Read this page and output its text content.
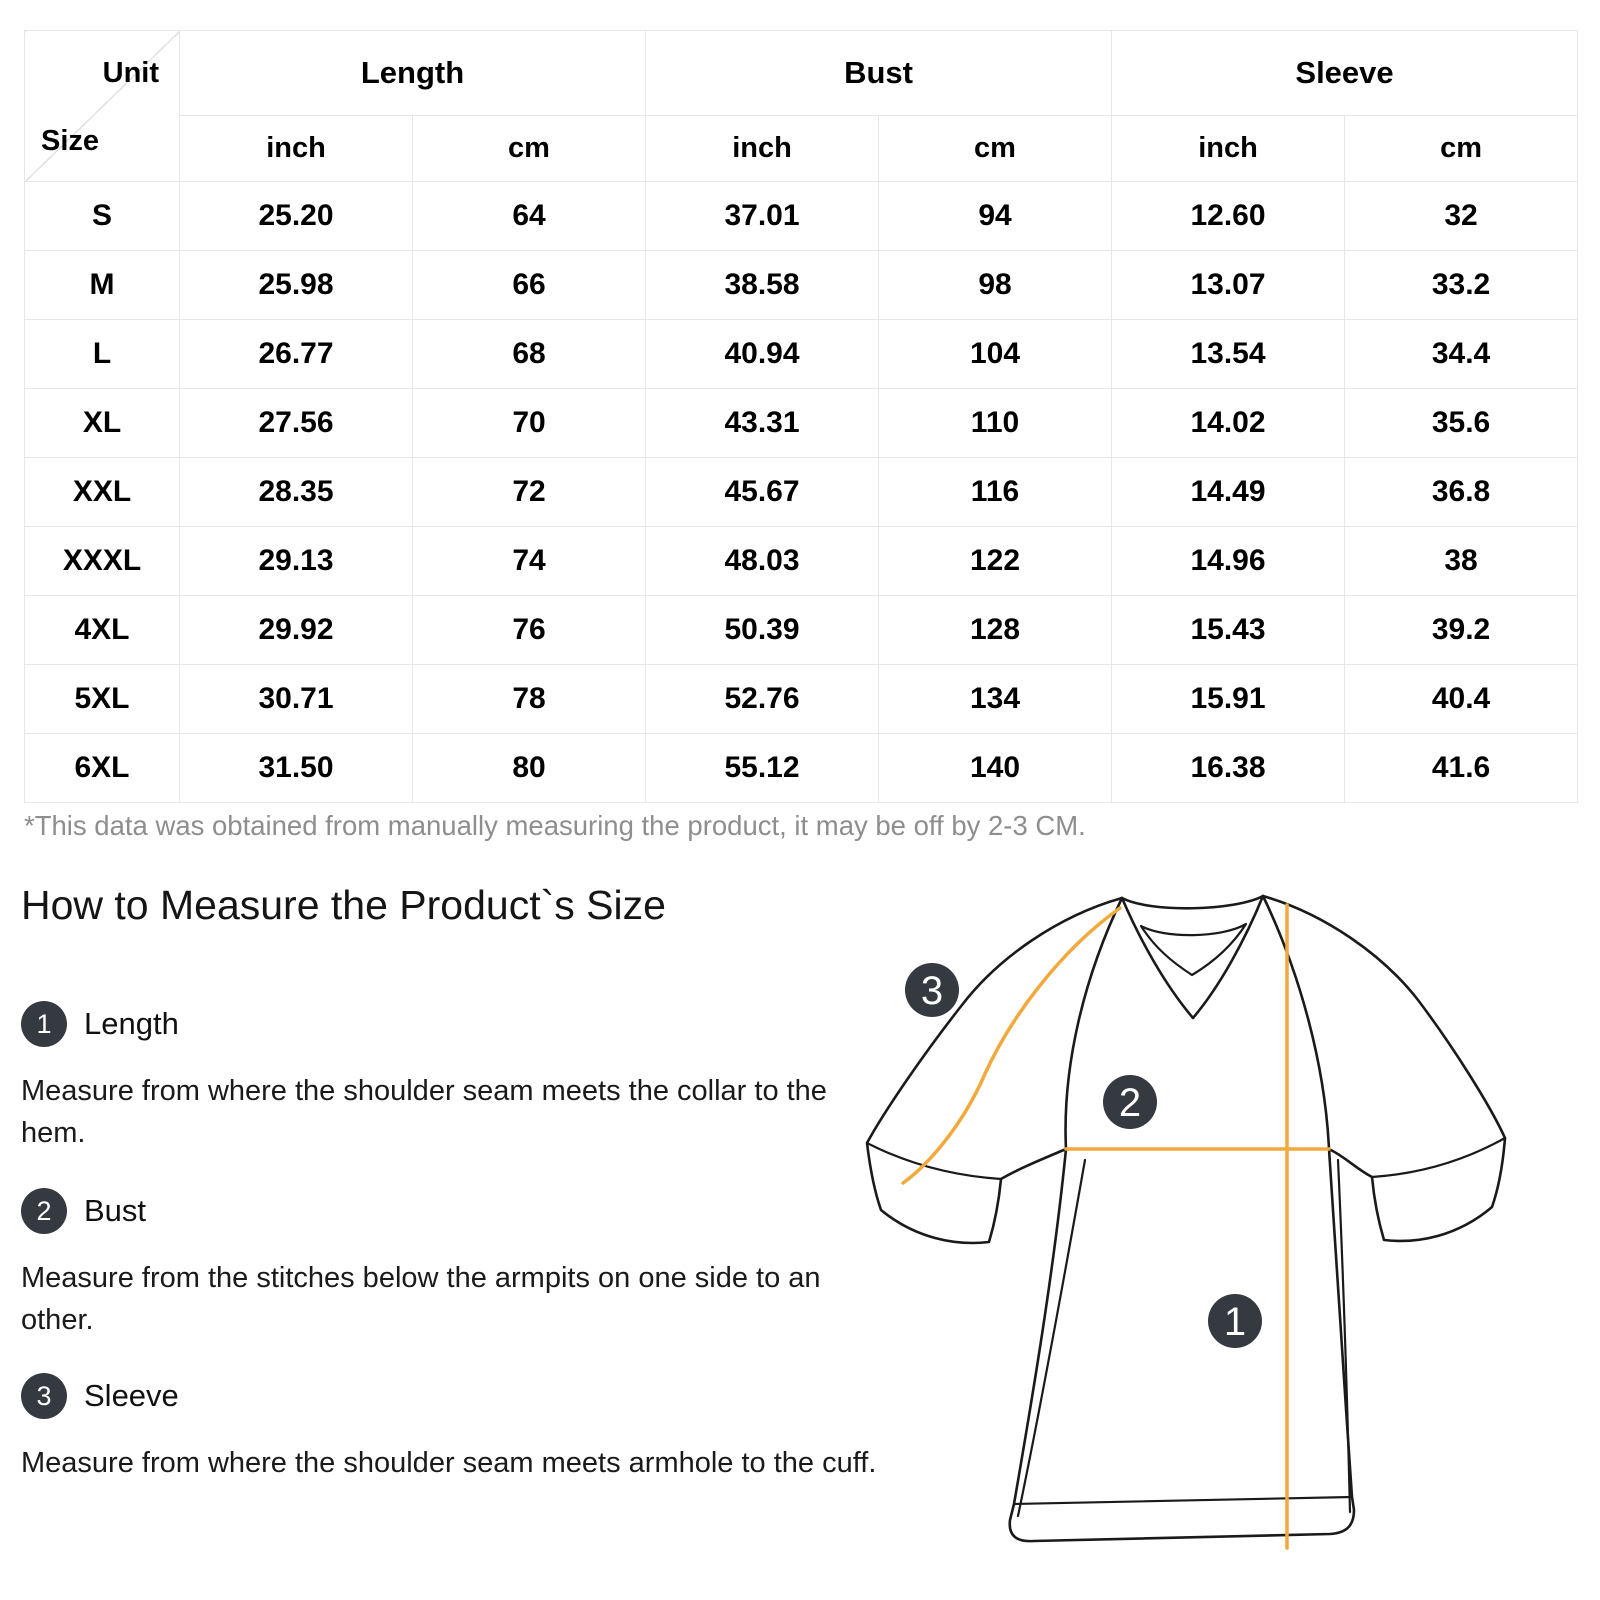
Unit
Size	Length		Bust		Sleeve	
	inch	cm	inch	cm	inch	cm
S	25.20	64	37.01	94	12.60	32
M	25.98	66	38.58	98	13.07	33.2
L	26.77	68	40.94	104	13.54	34.4
XL	27.56	70	43.31	110	14.02	35.6
XXL	28.35	72	45.67	116	14.49	36.8
XXXL	29.13	74	48.03	122	14.96	38
4XL	29.92	76	50.39	128	15.43	39.2
5XL	30.71	78	52.76	134	15.91	40.4
6XL	31.50	80	55.12	140	16.38	41.6
*This data was obtained from manually measuring the product, it may be off by 2-3 CM.
How to Measure the Product`s Size
1	Length
Measure from where the shoulder seam meets the collar to the hem.
2	Bust
Measure from the stitches below the armpits on one side to an other.
3	Sleeve
Measure from where the shoulder seam meets armhole to the cuff.
3
2
1
